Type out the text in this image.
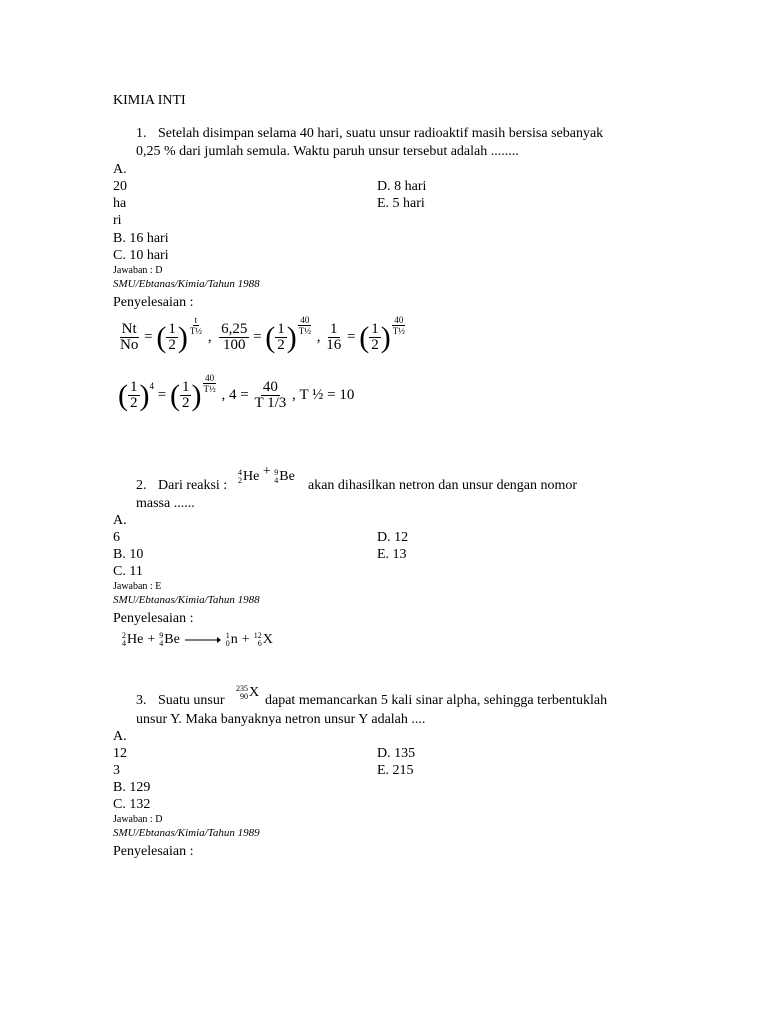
KIMIA INTI
1. Setelah disimpan selama 40 hari, suatu unsur radioaktif masih bersisa sebanyak
0,25 % dari jumlah semula. Waktu paruh unsur tersebut adalah ........
A.
20
ha
ri
B. 16 hari
C. 10 hari
D. 8 hari
E. 5 hari
Jawaban : D
SMU/Ebtanas/Kimia/Tahun 1988
Penyelesaian :
$\frac{Nt}{No}$ = ( $\frac{1}{2}$ ) $\frac{t}{\text{T½}}$
, $\frac{6,25}{100}$ = ( $\frac{1}{2}$ ) $\frac{40}{\text{T½}}$
, $\frac{1}{16}$ = ( $\frac{1}{2}$ ) $\frac{40}{\text{T½}}$
( $\frac{1}{2}$ ) 4
= ( $\frac{1}{2}$ ) $\frac{40}{\text{T½}}$
, 4 =
$\frac{40}{T 1/3}$ , T ½ = 10
2. Dari reaksi :
4
2 He + 9
4 Be
akan dihasilkan netron dan unsur dengan nomor
massa ......
A.
6
B. 10
C. 11
D. 12
E. 13
Jawaban : E
SMU/Ebtanas/Kimia/Tahun 1988
Penyelesaian :
2
4 He + 9
4 Be → 1
0 n + 12
6 X
3. Suatu unsur
235
90 X
dapat memancarkan 5 kali sinar alpha, sehingga terbentuklah
unsur Y. Maka banyaknya netron unsur Y adalah ....
A.
12
3
B. 129
C. 132
D. 135
E. 215
Jawaban : D
SMU/Ebtanas/Kimia/Tahun 1989
Penyelesaian :
